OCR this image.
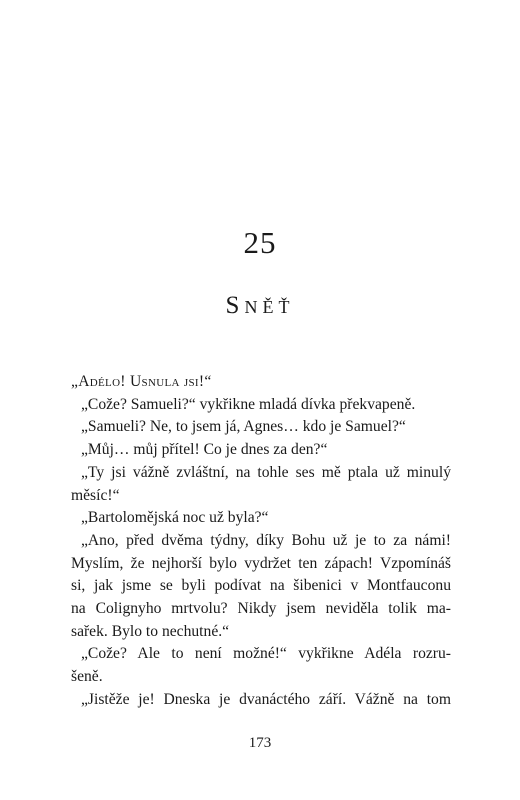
25
Sněť
„Adélo! Usnula jsi!“
„Cože? Samueli?“ vykřikne mladá dívka překvapeně.
„Samueli? Ne, to jsem já, Agnes… kdo je Samuel?“
„Můj… můj přítel! Co je dnes za den?“
„Ty jsi vážně zvláštní, na tohle ses mě ptala už minulý
měsíc!“
„Bartolomějská noc už byla?“
„Ano, před dvěma týdny, díky Bohu už je to za námi!
Myslím, že nejhorší bylo vydržet ten zápach! Vzpomínáš
si, jak jsme se byli podívat na šibenici v Montfauconu
na Colignyho mrtvolu? Nikdy jsem neviděla tolik ma-
sařek. Bylo to nechutné.“
„Cože? Ale to není možné!“ vykřikne Adéla rozru-
šeně.
„Jistěže je! Dneska je dvanáctého září. Vážně na tom
173
